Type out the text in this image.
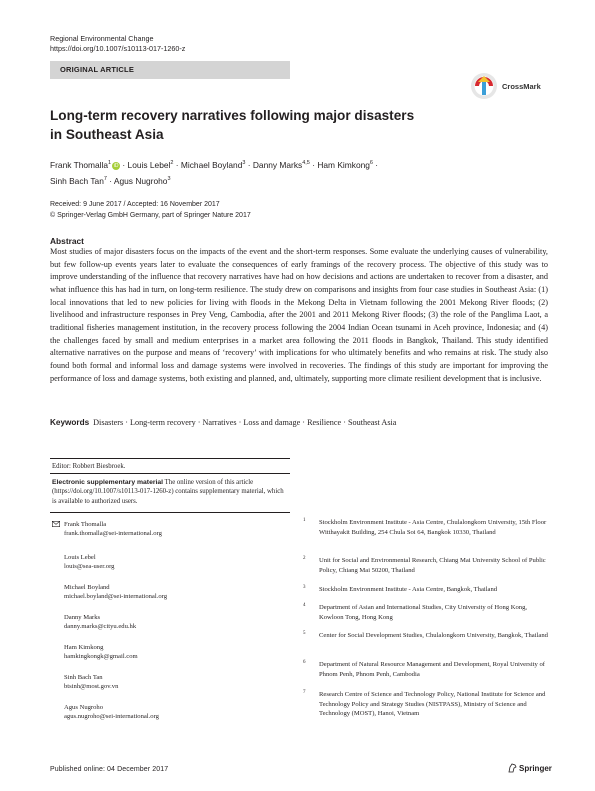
Regional Environmental Change
https://doi.org/10.1007/s10113-017-1260-z
ORIGINAL ARTICLE
CrossMark
Long-term recovery narratives following major disasters
in Southeast Asia
Frank Thomalla$^1$ iD · Louis Lebel$^2$ · Michael Boyland$^3$ · Danny Marks$^{4,5}$ · Ham Kimkong$^6$ ·
Sinh Bach Tan$^7$ · Agus Nugroho$^3$
Received: 9 June 2017 / Accepted: 16 November 2017
© Springer-Verlag GmbH Germany, part of Springer Nature 2017
Abstract
Most studies of major disasters focus on the impacts of the event and the short-term responses. Some evaluate the underlying causes of vulnerability, but few follow-up events years later to evaluate the consequences of early framings of the recovery process. The objective of this study was to improve understanding of the influence that recovery narratives have had on how decisions and actions are undertaken to recover from a disaster, and what influence this has had in turn, on long-term resilience. The study drew on comparisons and insights from four case studies in Southeast Asia: (1) local innovations that led to new policies for living with floods in the Mekong Delta in Vietnam following the 2001 Mekong River floods; (2) livelihood and infrastructure responses in Prey Veng, Cambodia, after the 2001 and 2011 Mekong River floods; (3) the role of the Panglima Laot, a traditional fisheries management institution, in the recovery process following the 2004 Indian Ocean tsunami in Aceh province, Indonesia; and (4) the challenges faced by small and medium enterprises in a market area following the 2011 floods in Bangkok, Thailand. This study identified alternative narratives on the purpose and means of ‘recovery’ with implications for who ultimately benefits and who remains at risk. The study also found both formal and informal loss and damage systems were involved in recoveries. The findings of this study are important for improving the performance of loss and damage systems, both existing and planned, and, ultimately, supporting more climate resilient development that is inclusive.
Keywords Disasters · Long-term recovery · Narratives · Loss and damage · Resilience · Southeast Asia
Editor: Robbert Biesbroek.
Electronic supplementary material The online version of this article (https://doi.org/10.1007/s10113-017-1260-z) contains supplementary material, which is available to authorized users.
Frank Thomalla
frank.thomalla@sei-international.org
Louis Lebel
louis@sea-user.org
Michael Boyland
michael.boyland@sei-international.org
Danny Marks
danny.marks@cityu.edu.hk
Ham Kimkong
hamkingkongk@gmail.com
Sinh Bach Tan
btsinh@most.gov.vn
Agus Nugroho
agus.nugroho@sei-international.org
1 Stockholm Environment Institute - Asia Centre, Chulalongkorn University, 15th Floor Witthayakit Building, 254 Chula Soi 64, Bangkok 10330, Thailand
2 Unit for Social and Environmental Research, Chiang Mai University School of Public Policy, Chiang Mai 50200, Thailand
3 Stockholm Environment Institute - Asia Centre, Bangkok, Thailand
4 Department of Asian and International Studies, City University of Hong Kong, Kowloon Tong, Hong Kong
5 Center for Social Development Studies, Chulalongkorn University, Bangkok, Thailand
6 Department of Natural Resource Management and Development, Royal University of Phnom Penh, Phnom Penh, Cambodia
7 Research Centre of Science and Technology Policy, National Institute for Science and Technology Policy and Strategy Studies (NISTPASS), Ministry of Science and Technology (MOST), Hanoi, Vietnam
Published online: 04 December 2017	Springer
